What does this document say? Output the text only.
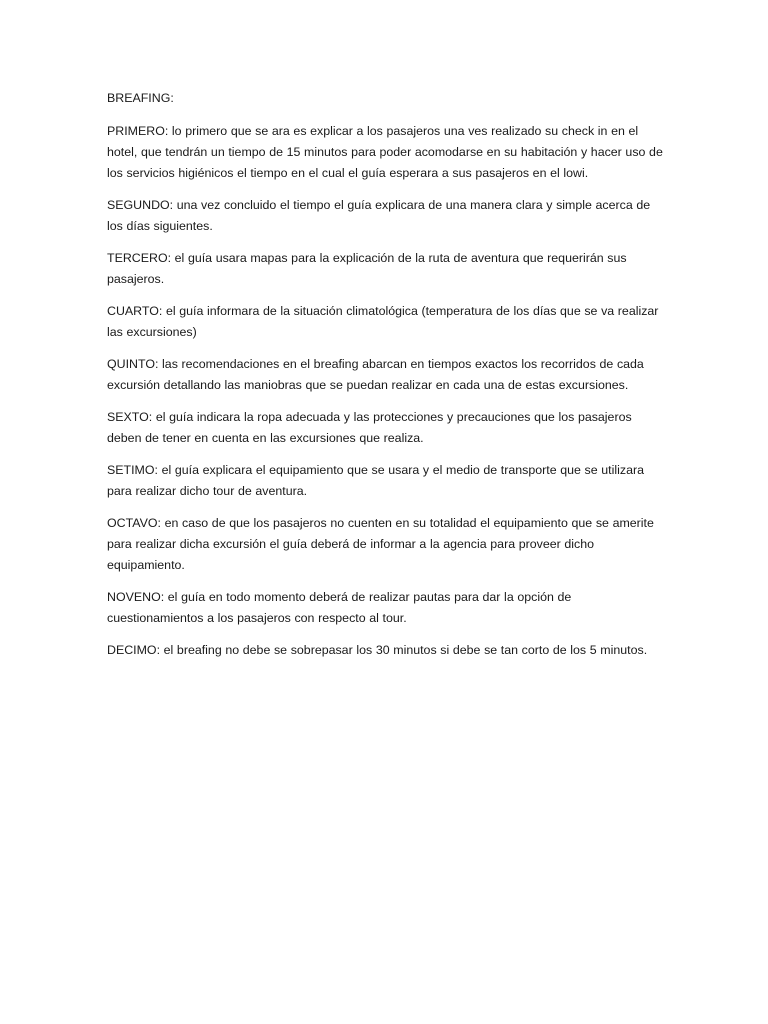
BREAFING:

PRIMERO: lo primero que se ara es explicar a los pasajeros una ves realizado su check in en el hotel, que tendrán un tiempo de 15 minutos para poder acomodarse en su habitación y hacer uso de los servicios higiénicos el tiempo en el cual el guía esperara a sus pasajeros en el lowi.

SEGUNDO: una vez concluido el tiempo el guía explicara de una manera clara y simple acerca de los días siguientes.

TERCERO: el guía usara mapas para la explicación de la ruta de aventura que requerirán sus pasajeros.

CUARTO: el guía informara de la situación climatológica (temperatura de los días que se va realizar las excursiones)

QUINTO: las recomendaciones en el breafing abarcan en tiempos exactos los recorridos de cada excursión detallando las maniobras que se puedan realizar en cada una de estas excursiones.

SEXTO: el guía indicara la ropa adecuada y las protecciones y precauciones que los pasajeros deben de tener en cuenta en las excursiones que realiza.

SETIMO: el guía explicara el equipamiento que se usara y el medio de transporte que se utilizara para realizar dicho tour de aventura.

OCTAVO: en caso de que los pasajeros no cuenten en su totalidad el equipamiento que se amerite para realizar dicha excursión el guía deberá de informar a la agencia para proveer dicho equipamiento.

NOVENO: el guía en todo momento deberá de realizar pautas para dar la opción de cuestionamientos a los pasajeros con respecto al tour.

DECIMO: el breafing no debe se sobrepasar los 30 minutos si debe se tan corto de los 5 minutos.
